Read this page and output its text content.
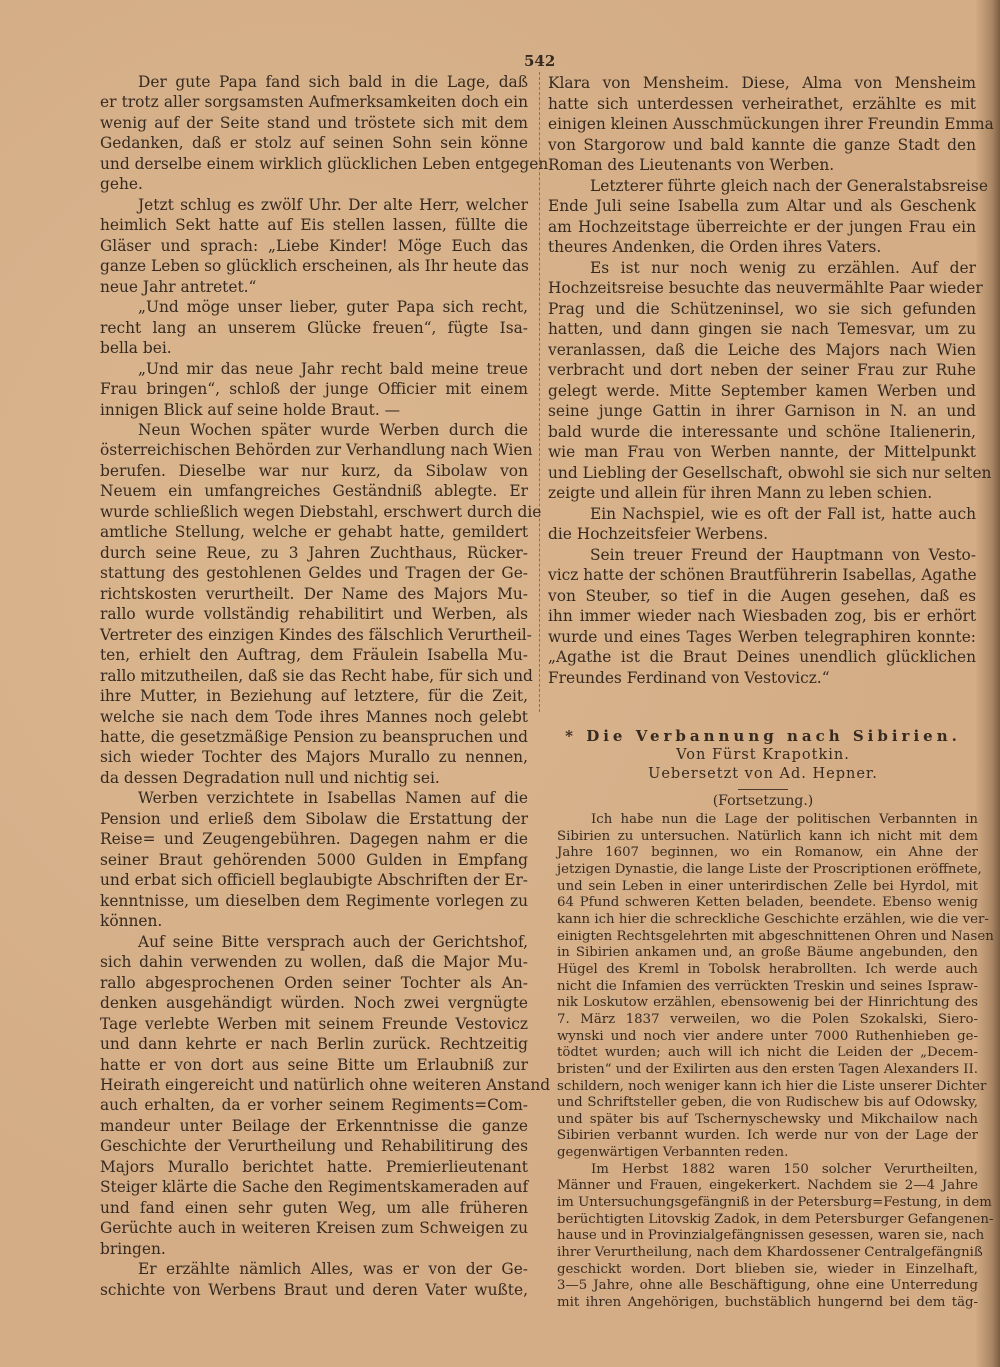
542
Der gute Papa fand sich bald in die Lage, daß
er trotz aller sorgsamsten Aufmerksamkeiten doch ein
wenig auf der Seite stand und tröstete sich mit dem
Gedanken, daß er stolz auf seinen Sohn sein könne
und derselbe einem wirklich glücklichen Leben entgegen
gehe.
Jetzt schlug es zwölf Uhr. Der alte Herr, welcher
heimlich Sekt hatte auf Eis stellen lassen, füllte die
Gläser und sprach: „Liebe Kinder! Möge Euch das
ganze Leben so glücklich erscheinen, als Ihr heute das
neue Jahr antretet.“
„Und möge unser lieber, guter Papa sich recht,
recht lang an unserem Glücke freuen“, fügte Isa-
bella bei.
„Und mir das neue Jahr recht bald meine treue
Frau bringen“, schloß der junge Officier mit einem
innigen Blick auf seine holde Braut. —
Neun Wochen später wurde Werben durch die
österreichischen Behörden zur Verhandlung nach Wien
berufen. Dieselbe war nur kurz, da Sibolaw von
Neuem ein umfangreiches Geständniß ablegte. Er
wurde schließlich wegen Diebstahl, erschwert durch die
amtliche Stellung, welche er gehabt hatte, gemildert
durch seine Reue, zu 3 Jahren Zuchthaus, Rücker-
stattung des gestohlenen Geldes und Tragen der Ge-
richtskosten verurtheilt. Der Name des Majors Mu-
rallo wurde vollständig rehabilitirt und Werben, als
Vertreter des einzigen Kindes des fälschlich Verurtheil-
ten, erhielt den Auftrag, dem Fräulein Isabella Mu-
rallo mitzutheilen, daß sie das Recht habe, für sich und
ihre Mutter, in Beziehung auf letztere, für die Zeit,
welche sie nach dem Tode ihres Mannes noch gelebt
hatte, die gesetzmäßige Pension zu beanspruchen und
sich wieder Tochter des Majors Murallo zu nennen,
da dessen Degradation null und nichtig sei.
Werben verzichtete in Isabellas Namen auf die
Pension und erließ dem Sibolaw die Erstattung der
Reise= und Zeugengebühren. Dagegen nahm er die
seiner Braut gehörenden 5000 Gulden in Empfang
und erbat sich officiell beglaubigte Abschriften der Er-
kenntnisse, um dieselben dem Regimente vorlegen zu
können.
Auf seine Bitte versprach auch der Gerichtshof,
sich dahin verwenden zu wollen, daß die Major Mu-
rallo abgesprochenen Orden seiner Tochter als An-
denken ausgehändigt würden. Noch zwei vergnügte
Tage verlebte Werben mit seinem Freunde Vestovicz
und dann kehrte er nach Berlin zurück. Rechtzeitig
hatte er von dort aus seine Bitte um Erlaubniß zur
Heirath eingereicht und natürlich ohne weiteren Anstand
auch erhalten, da er vorher seinem Regiments=Com-
mandeur unter Beilage der Erkenntnisse die ganze
Geschichte der Verurtheilung und Rehabilitirung des
Majors Murallo berichtet hatte. Premierlieutenant
Steiger klärte die Sache den Regimentskameraden auf
und fand einen sehr guten Weg, um alle früheren
Gerüchte auch in weiteren Kreisen zum Schweigen zu
bringen.
Er erzählte nämlich Alles, was er von der Ge-
schichte von Werbens Braut und deren Vater wußte,
Klara von Mensheim. Diese, Alma von Mensheim
hatte sich unterdessen verheirathet, erzählte es mit
einigen kleinen Ausschmückungen ihrer Freundin Emma
von Stargorow und bald kannte die ganze Stadt den
Roman des Lieutenants von Werben.
Letzterer führte gleich nach der Generalstabsreise
Ende Juli seine Isabella zum Altar und als Geschenk
am Hochzeitstage überreichte er der jungen Frau ein
theures Andenken, die Orden ihres Vaters.
Es ist nur noch wenig zu erzählen. Auf der
Hochzeitsreise besuchte das neuvermählte Paar wieder
Prag und die Schützeninsel, wo sie sich gefunden
hatten, und dann gingen sie nach Temesvar, um zu
veranlassen, daß die Leiche des Majors nach Wien
verbracht und dort neben der seiner Frau zur Ruhe
gelegt werde. Mitte September kamen Werben und
seine junge Gattin in ihrer Garnison in N. an und
bald wurde die interessante und schöne Italienerin,
wie man Frau von Werben nannte, der Mittelpunkt
und Liebling der Gesellschaft, obwohl sie sich nur selten
zeigte und allein für ihren Mann zu leben schien.
Ein Nachspiel, wie es oft der Fall ist, hatte auch
die Hochzeitsfeier Werbens.
Sein treuer Freund der Hauptmann von Vesto-
vicz hatte der schönen Brautführerin Isabellas, Agathe
von Steuber, so tief in die Augen gesehen, daß es
ihn immer wieder nach Wiesbaden zog, bis er erhört
wurde und eines Tages Werben telegraphiren konnte:
„Agathe ist die Braut Deines unendlich glücklichen
Freundes Ferdinand von Vestovicz.“
* Die Verbannung nach Sibirien.
Von Fürst Krapotkin.
Uebersetzt von Ad. Hepner.
(Fortsetzung.)
Ich habe nun die Lage der politischen Verbannten in
Sibirien zu untersuchen. Natürlich kann ich nicht mit dem
Jahre 1607 beginnen, wo ein Romanow, ein Ahne der
jetzigen Dynastie, die lange Liste der Proscriptionen eröffnete,
und sein Leben in einer unterirdischen Zelle bei Hyrdol, mit
64 Pfund schweren Ketten beladen, beendete. Ebenso wenig
kann ich hier die schreckliche Geschichte erzählen, wie die ver-
einigten Rechtsgelehrten mit abgeschnittenen Ohren und Nasen
in Sibirien ankamen und, an große Bäume angebunden, den
Hügel des Kreml in Tobolsk herabrollten. Ich werde auch
nicht die Infamien des verrückten Treskin und seines Ispraw-
nik Loskutow erzählen, ebensowenig bei der Hinrichtung des
7. März 1837 verweilen, wo die Polen Szokalski, Siero-
wynski und noch vier andere unter 7000 Ruthenhieben ge-
tödtet wurden; auch will ich nicht die Leiden der „Decem-
bristen“ und der Exilirten aus den ersten Tagen Alexanders II.
schildern, noch weniger kann ich hier die Liste unserer Dichter
und Schriftsteller geben, die von Rudischew bis auf Odowsky,
und später bis auf Tschernyschewsky und Mikchailow nach
Sibirien verbannt wurden. Ich werde nur von der Lage der
gegenwärtigen Verbannten reden.
Im Herbst 1882 waren 150 solcher Verurtheilten,
Männer und Frauen, eingekerkert. Nachdem sie 2—4 Jahre
im Untersuchungsgefängniß in der Petersburg=Festung, in dem
berüchtigten Litovskig Zadok, in dem Petersburger Gefangenen-
hause und in Provinzialgefängnissen gesessen, waren sie, nach
ihrer Verurtheilung, nach dem Khardossener Centralgefängniß
geschickt worden. Dort blieben sie, wieder in Einzelhaft,
3—5 Jahre, ohne alle Beschäftigung, ohne eine Unterredung
mit ihren Angehörigen, buchstäblich hungernd bei dem täg-
